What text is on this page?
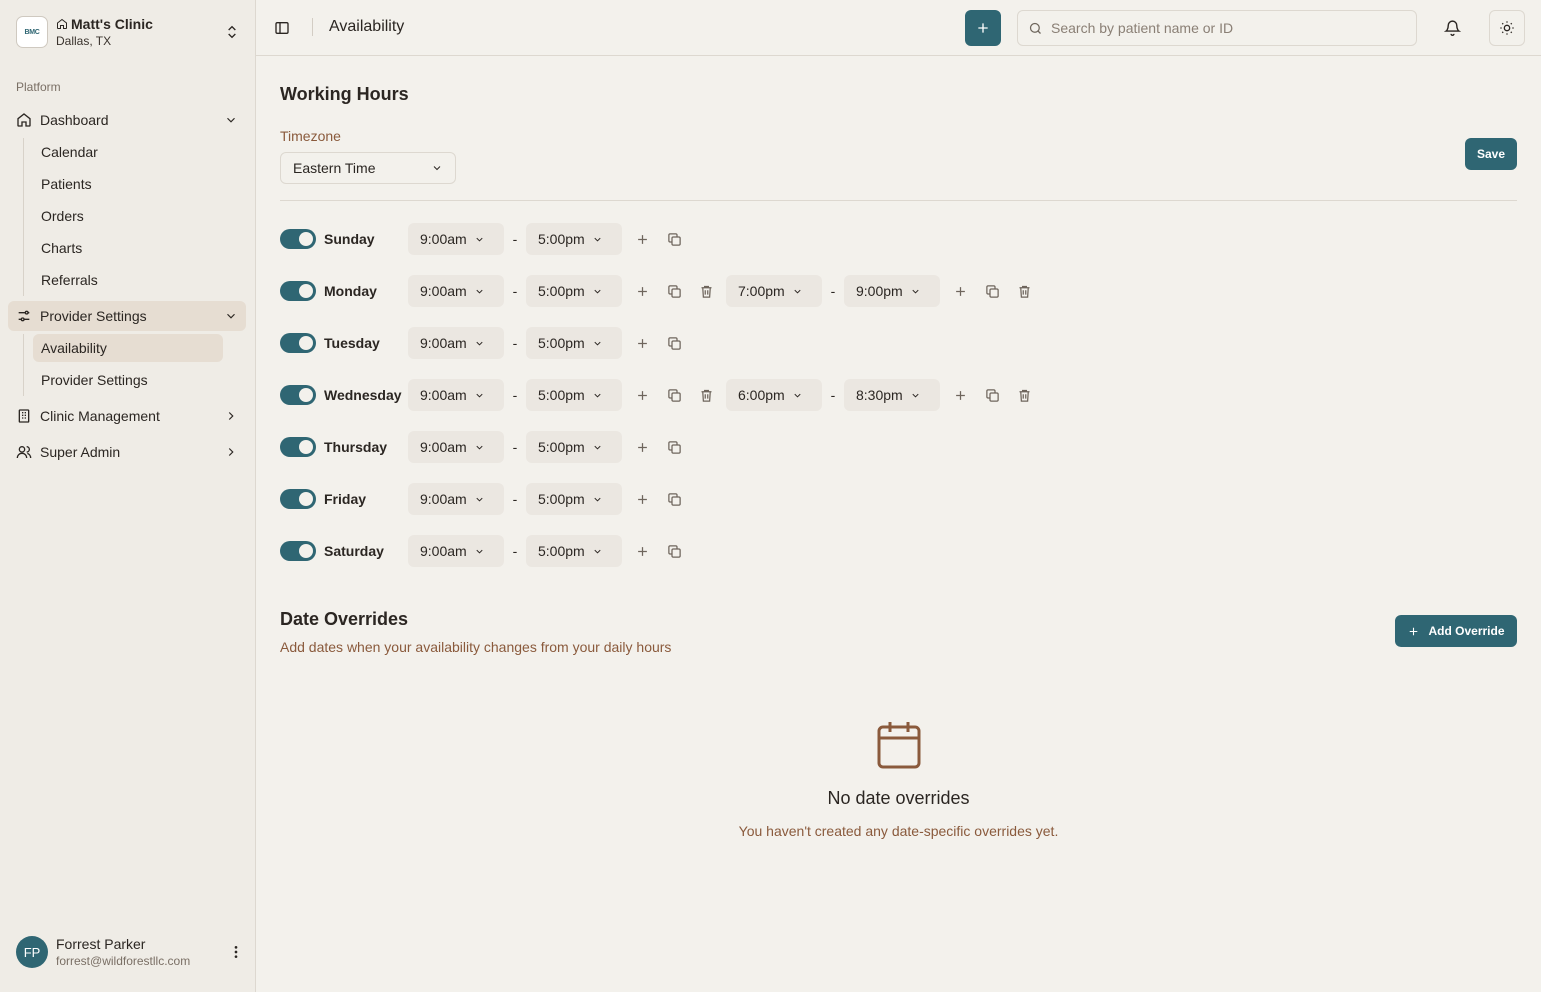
BMC
Matt's Clinic
Dallas, TX
Platform
Dashboard
Calendar
Patients
Orders
Charts
Referrals
Provider Settings
Availability
Provider Settings
Clinic Management
Super Admin
FP
Forrest Parker
forrest@wildforestllc.com
Availability
Search by patient name or ID
Working Hours
Timezone
Eastern Time
Save
Sunday	9:00am	-	5:00pm
Monday	9:00am	-	5:00pm	7:00pm	-	9:00pm
Tuesday	9:00am	-	5:00pm
Wednesday	9:00am	-	5:00pm	6:00pm	-	8:30pm
Thursday	9:00am	-	5:00pm
Friday	9:00am	-	5:00pm
Saturday	9:00am	-	5:00pm
Date Overrides
Add dates when your availability changes from your daily hours
Add Override
No date overrides
You haven't created any date-specific overrides yet.
